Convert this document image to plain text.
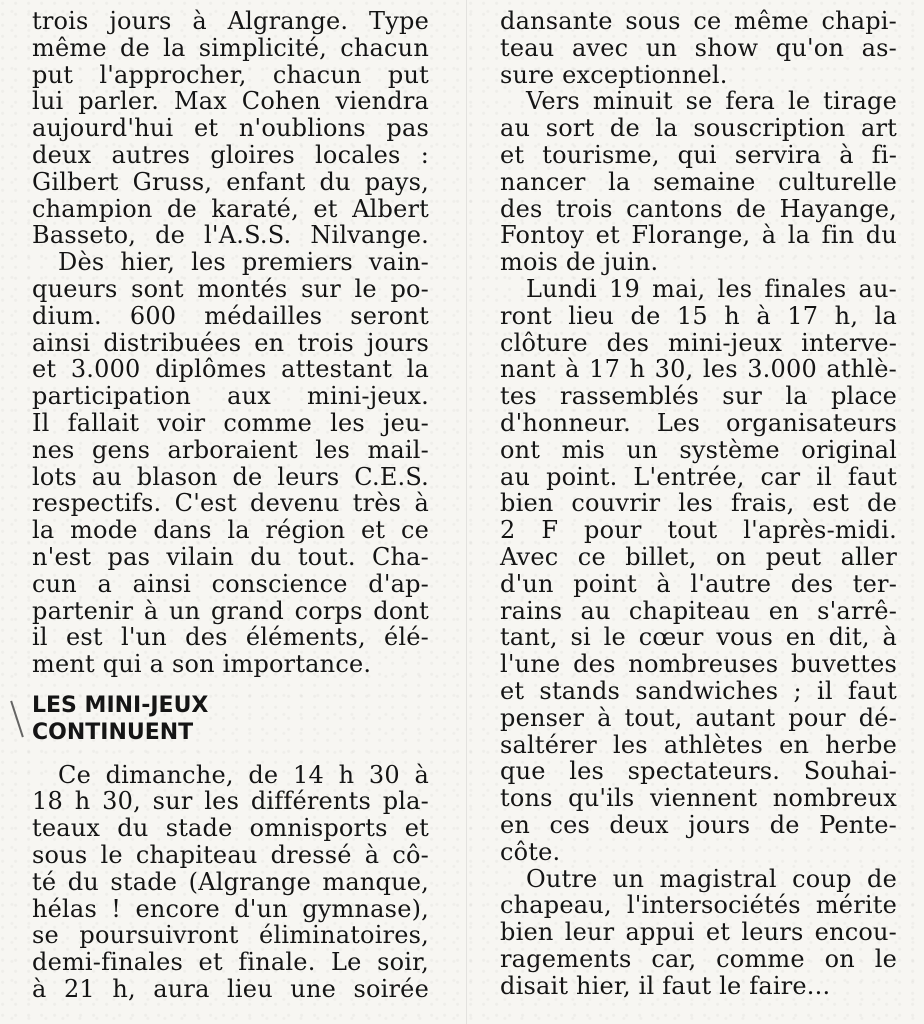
trois jours à Algrange. Type
même de la simplicité, chacun
put l'approcher, chacun put
lui parler. Max Cohen viendra
aujourd'hui et n'oublions pas
deux autres gloires locales :
Gilbert Gruss, enfant du pays,
champion de karaté, et Albert
Basseto, de l'A.S.S. Nilvange.
Dès hier, les premiers vain-
queurs sont montés sur le po-
dium. 600 médailles seront
ainsi distribuées en trois jours
et 3.000 diplômes attestant la
participation aux mini-jeux.
Il fallait voir comme les jeu-
nes gens arboraient les mail-
lots au blason de leurs C.E.S.
respectifs. C'est devenu très à
la mode dans la région et ce
n'est pas vilain du tout. Cha-
cun a ainsi conscience d'ap-
partenir à un grand corps dont
il est l'un des éléments, élé-
ment qui a son importance.
LES MINI-JEUX
CONTINUENT
Ce dimanche, de 14 h 30 à
18 h 30, sur les différents pla-
teaux du stade omnisports et
sous le chapiteau dressé à cô-
té du stade (Algrange manque,
hélas ! encore d'un gymnase),
se poursuivront éliminatoires,
demi-finales et finale. Le soir,
à 21 h, aura lieu une soirée
dansante sous ce même chapi-
teau avec un show qu'on as-
sure exceptionnel.
Vers minuit se fera le tirage
au sort de la souscription art
et tourisme, qui servira à fi-
nancer la semaine culturelle
des trois cantons de Hayange,
Fontoy et Florange, à la fin du
mois de juin.
Lundi 19 mai, les finales au-
ront lieu de 15 h à 17 h, la
clôture des mini-jeux interve-
nant à 17 h 30, les 3.000 athlè-
tes rassemblés sur la place
d'honneur. Les organisateurs
ont mis un système original
au point. L'entrée, car il faut
bien couvrir les frais, est de
2 F pour tout l'après-midi.
Avec ce billet, on peut aller
d'un point à l'autre des ter-
rains au chapiteau en s'arrê-
tant, si le cœur vous en dit, à
l'une des nombreuses buvettes
et stands sandwiches ; il faut
penser à tout, autant pour dé-
saltérer les athlètes en herbe
que les spectateurs. Souhai-
tons qu'ils viennent nombreux
en ces deux jours de Pente-
côte.
Outre un magistral coup de
chapeau, l'intersociétés mérite
bien leur appui et leurs encou-
ragements car, comme on le
disait hier, il faut le faire...
